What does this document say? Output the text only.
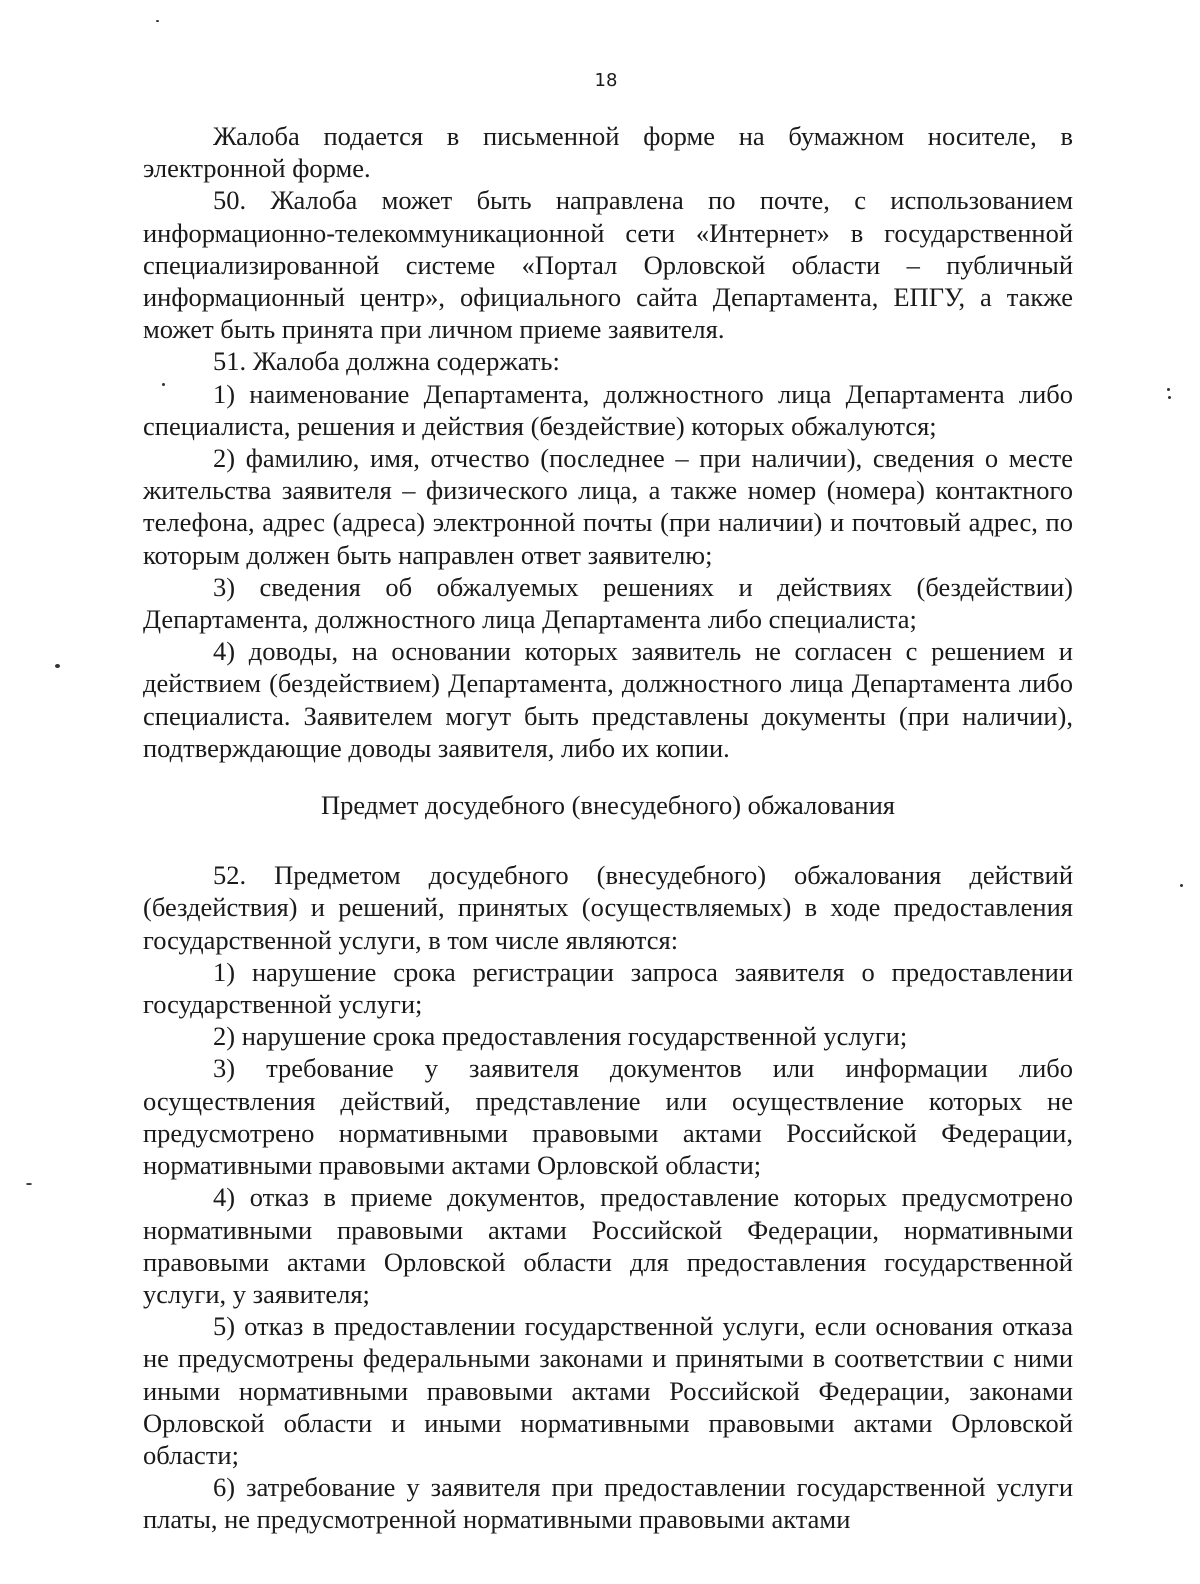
18

Жалоба подается в письменной форме на бумажном носителе, в электронной форме.

50. Жалоба может быть направлена по почте, с использованием информационно-телекоммуникационной сети «Интернет» в государственной специализированной системе «Портал Орловской области – публичный информационный центр», официального сайта Департамента, ЕПГУ, а также может быть принята при личном приеме заявителя.

51. Жалоба должна содержать:

1) наименование Департамента, должностного лица Департамента либо специалиста, решения и действия (бездействие) которых обжалуются;

2) фамилию, имя, отчество (последнее – при наличии), сведения о месте жительства заявителя – физического лица, а также номер (номера) контактного телефона, адрес (адреса) электронной почты (при наличии) и почтовый адрес, по которым должен быть направлен ответ заявителю;

3) сведения об обжалуемых решениях и действиях (бездействии) Департамента, должностного лица Департамента либо специалиста;

4) доводы, на основании которых заявитель не согласен с решением и действием (бездействием) Департамента, должностного лица Департамента либо специалиста. Заявителем могут быть представлены документы (при наличии), подтверждающие доводы заявителя, либо их копии.

Предмет досудебного (внесудебного) обжалования

52. Предметом досудебного (внесудебного) обжалования действий (бездействия) и решений, принятых (осуществляемых) в ходе предоставления государственной услуги, в том числе являются:

1) нарушение срока регистрации запроса заявителя о предоставлении государственной услуги;

2) нарушение срока предоставления государственной услуги;

3) требование у заявителя документов или информации либо осуществления действий, представление или осуществление которых не предусмотрено нормативными правовыми актами Российской Федерации, нормативными правовыми актами Орловской области;

4) отказ в приеме документов, предоставление которых предусмотрено нормативными правовыми актами Российской Федерации, нормативными правовыми актами Орловской области для предоставления государственной услуги, у заявителя;

5) отказ в предоставлении государственной услуги, если основания отказа не предусмотрены федеральными законами и принятыми в соответствии с ними иными нормативными правовыми актами Российской Федерации, законами Орловской области и иными нормативными правовыми актами Орловской области;

6) затребование у заявителя при предоставлении государственной услуги платы, не предусмотренной нормативными правовыми актами
